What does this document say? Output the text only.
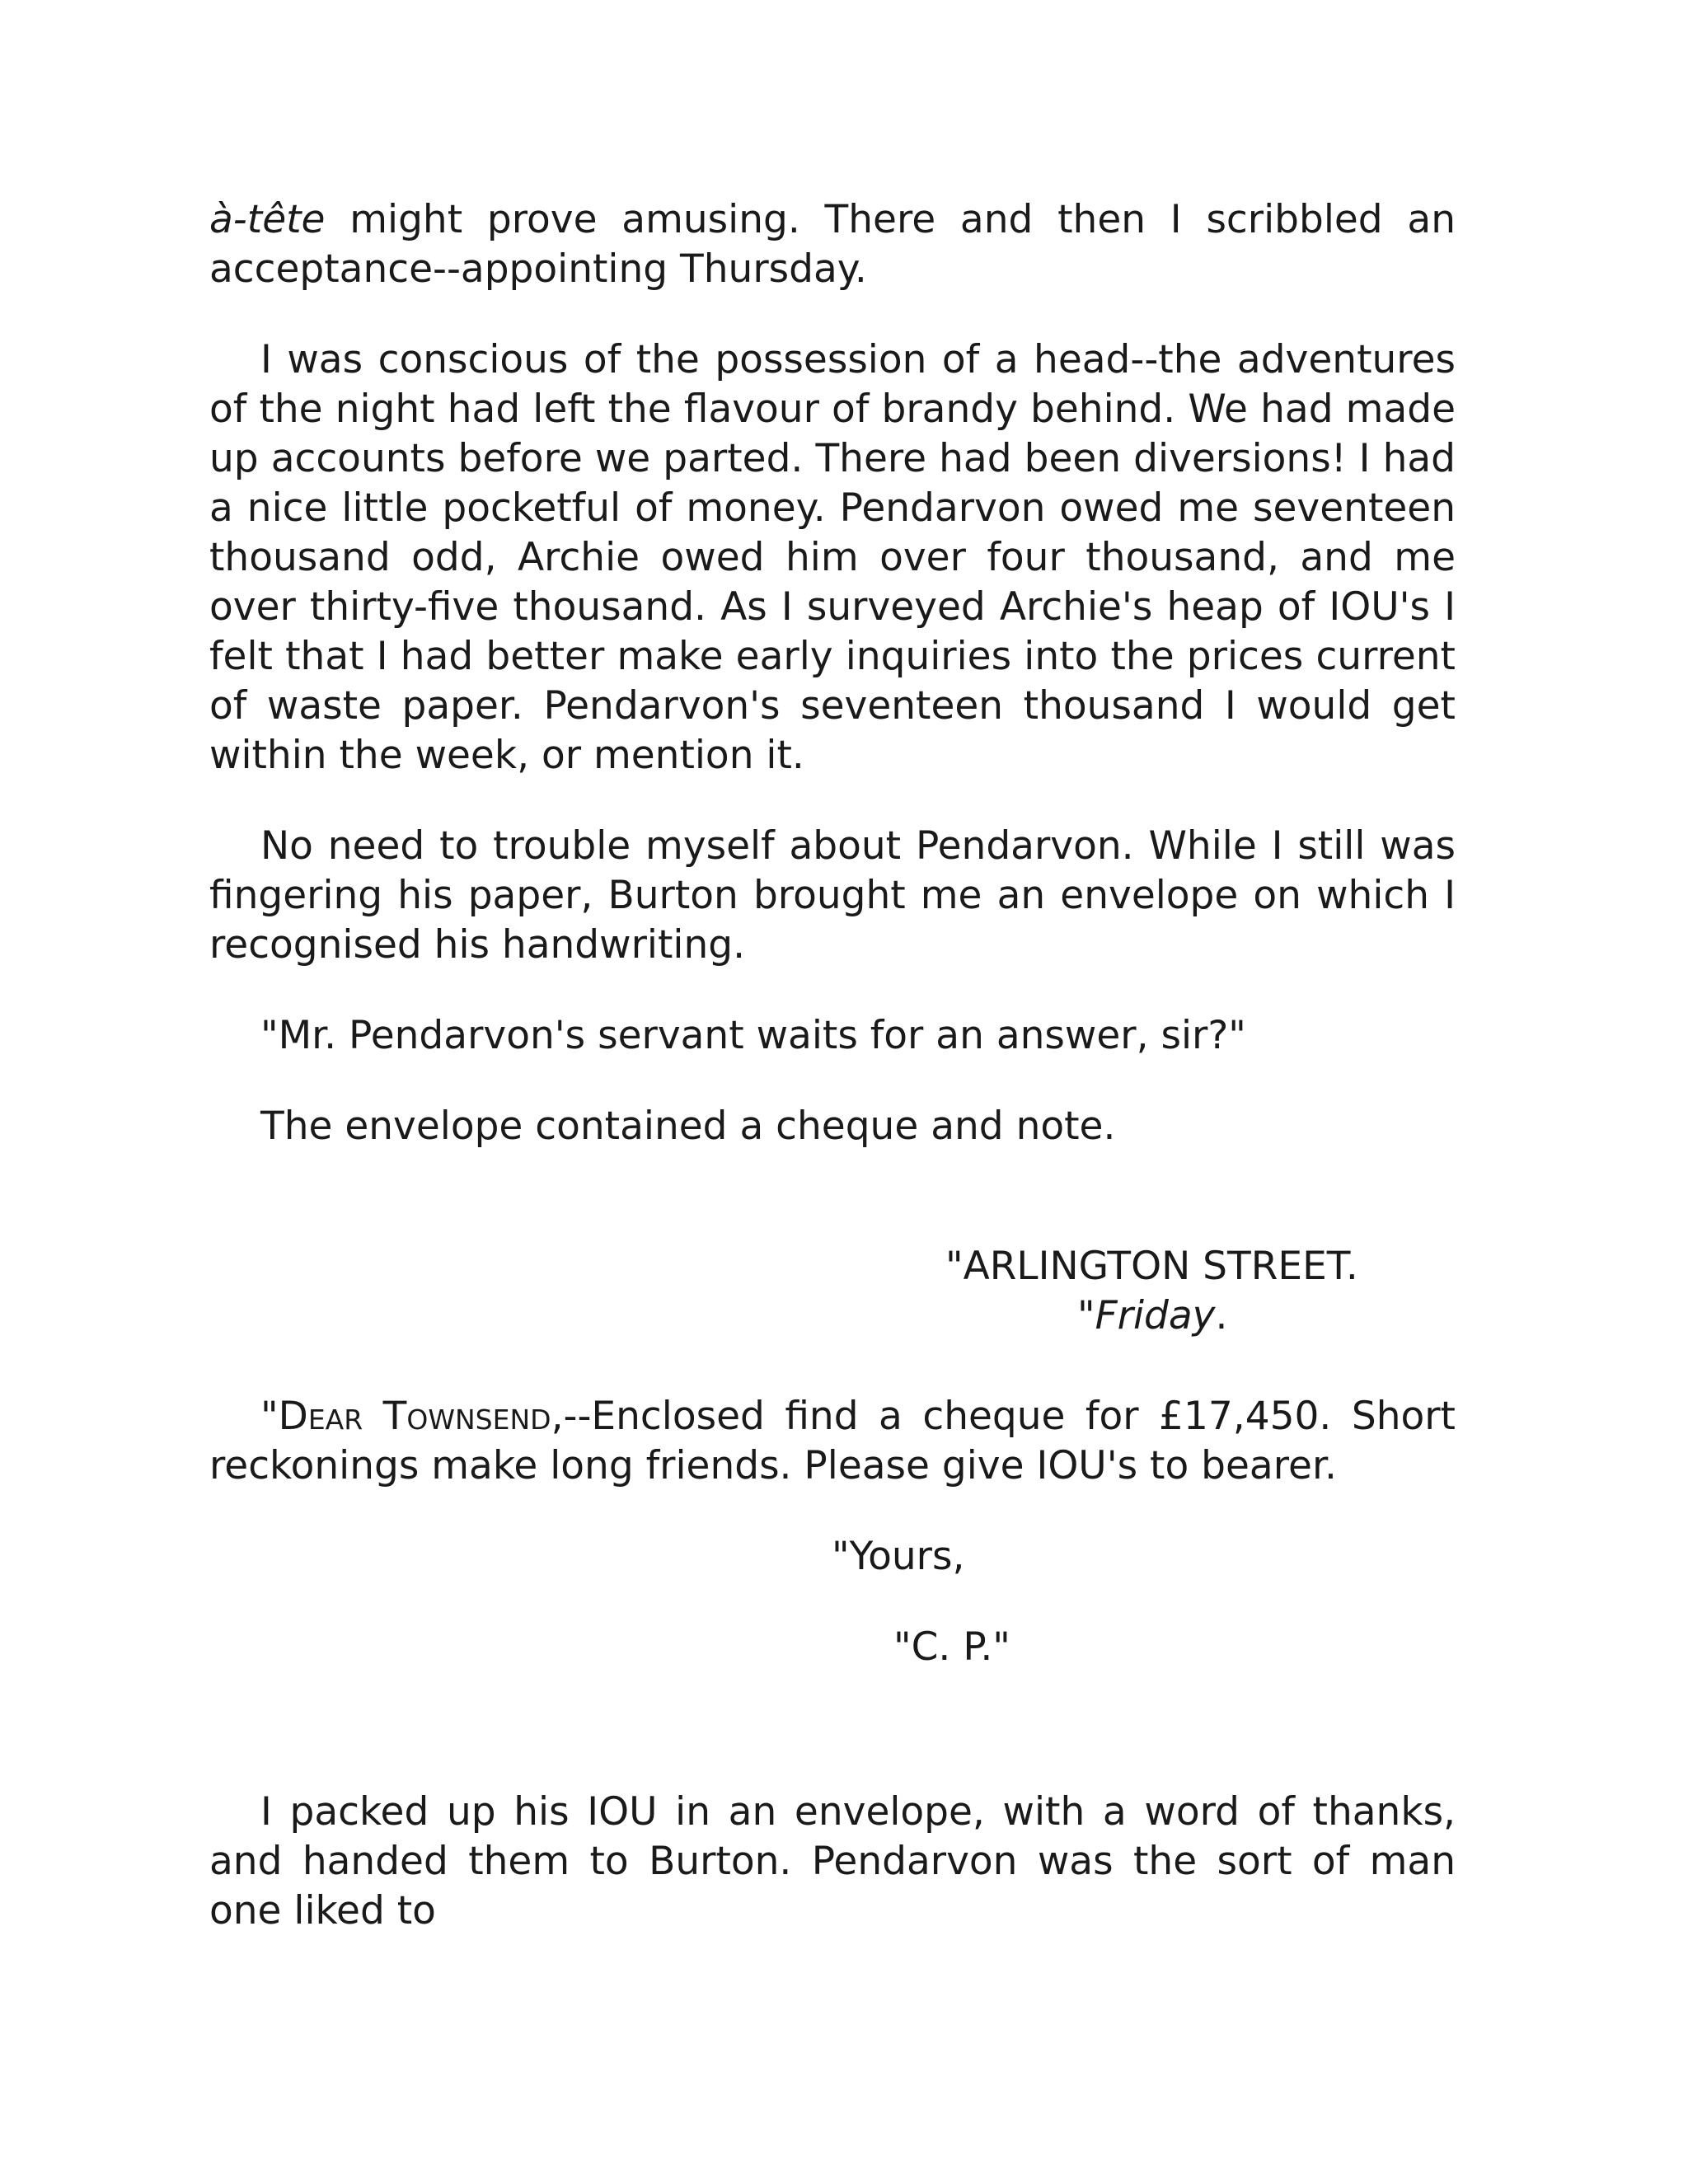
à-tête might prove amusing. There and then I scribbled an acceptance--appointing Thursday.

I was conscious of the possession of a head--the adventures of the night had left the flavour of brandy behind. We had made up accounts before we parted. There had been diversions! I had a nice little pocketful of money. Pendarvon owed me seventeen thousand odd, Archie owed him over four thousand, and me over thirty-five thousand. As I surveyed Archie's heap of IOU's I felt that I had better make early inquiries into the prices current of waste paper. Pendarvon's seventeen thousand I would get within the week, or mention it.

No need to trouble myself about Pendarvon. While I still was fingering his paper, Burton brought me an envelope on which I recognised his handwriting.

"Mr. Pendarvon's servant waits for an answer, sir?"

The envelope contained a cheque and note.

"ARLINGTON STREET.

"Friday.

"Dear Townsend,--Enclosed find a cheque for £17,450. Short reckonings make long friends. Please give IOU's to bearer.

"Yours,

"C. P."

I packed up his IOU in an envelope, with a word of thanks, and handed them to Burton. Pendarvon was the sort of man one liked to
